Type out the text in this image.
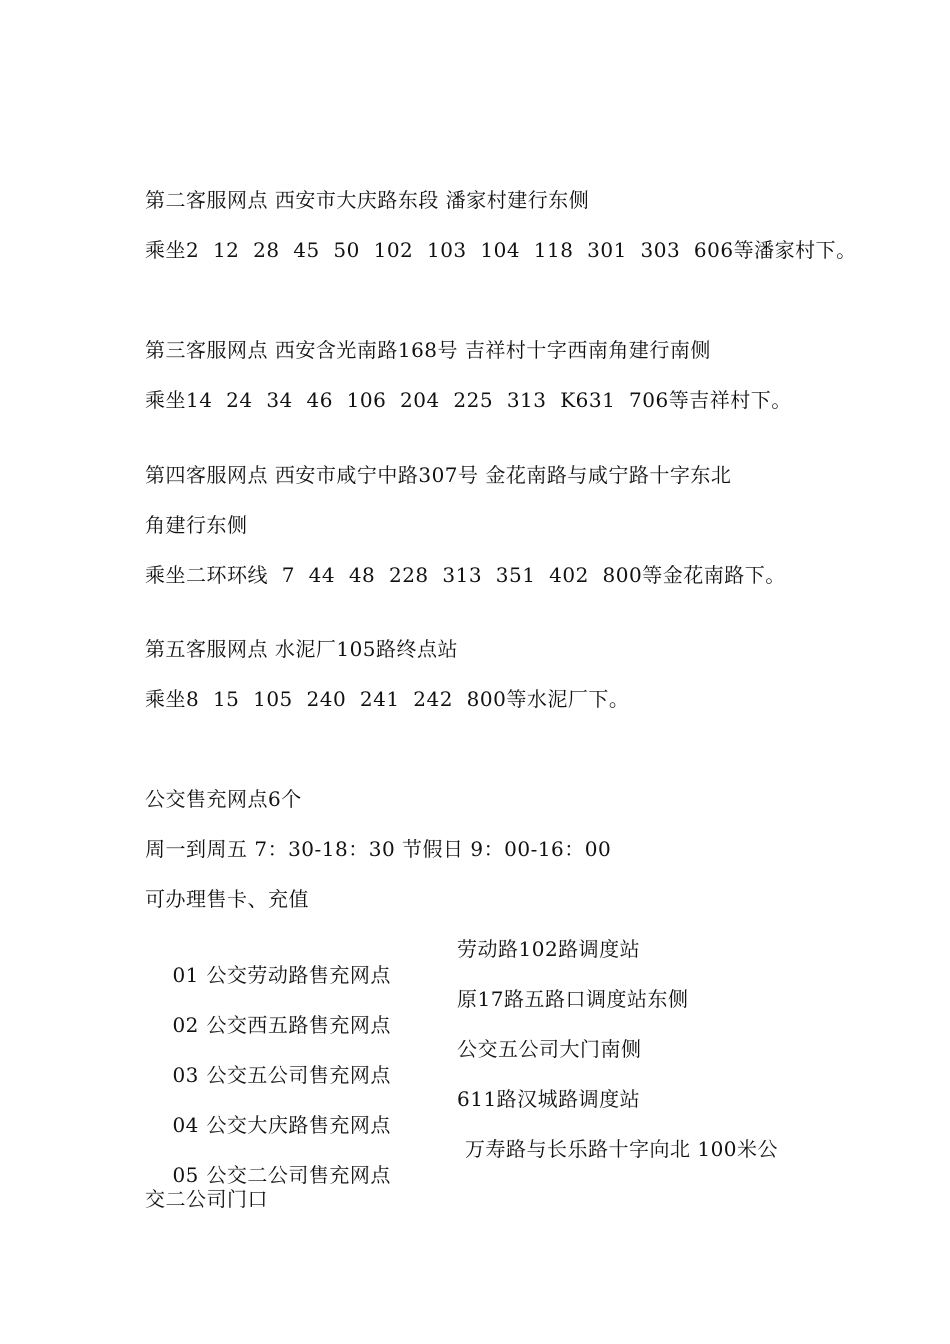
第二客服网点 西安市大庆路东段 潘家村建行东侧
乘坐2  12  28  45  50  102  103  104  118  301  303  606等潘家村下。
第三客服网点 西安含光南路168号 吉祥村十字西南角建行南侧
乘坐14  24  34  46  106  204  225  313  K631  706等吉祥村下。
第四客服网点 西安市咸宁中路307号 金花南路与咸宁路十字东北
角建行东侧
乘坐二环环线  7  44  48  228  313  351  402  800等金花南路下。
第五客服网点 水泥厂105路终点站
乘坐8  15  105  240  241  242  800等水泥厂下。
公交售充网点6个
周一到周五 7：30-18：30 节假日 9：00-16：00
可办理售卡、充值

01 公交劳动路售充网点
劳动路102路调度站

02 公交西五路售充网点
原17路五路口调度站东侧

03 公交五公司售充网点
公交五公司大门南侧

04 公交大庆路售充网点
611路汉城路调度站

05 公交二公司售充网点
万寿路与长乐路十字向北 100米公

交二公司门口
